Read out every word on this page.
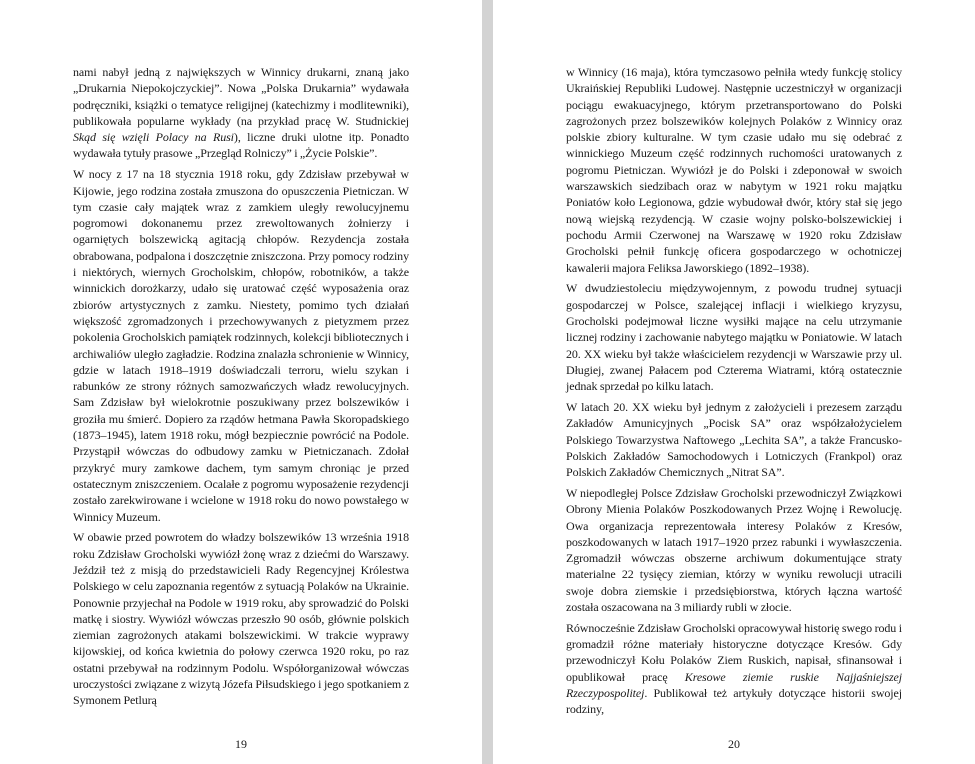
nami nabył jedną z największych w Winnicy drukarni, znaną jako „Drukarnia Niepokojczyckiej”. Nowa „Polska Drukarnia” wydawała podręczniki, książki o tematyce religijnej (katechizmy i modlitewniki), publikowała popularne wykłady (na przykład pracę W. Studnickiej Skąd się wzięli Polacy na Rusi), liczne druki ulotne itp. Ponadto wydawała tytuły prasowe „Przegląd Rolniczy” i „Życie Polskie”.

W nocy z 17 na 18 stycznia 1918 roku, gdy Zdzisław przebywał w Kijowie, jego rodzina została zmuszona do opuszczenia Pietniczan. W tym czasie cały majątek wraz z zamkiem uległy rewolucyjnemu pogromowi dokonanemu przez zrewoltowanych żołnierzy i ogarniętych bolszewicką agitacją chłopów. Rezydencja została obrabowana, podpalona i doszczętnie zniszczona. Przy pomocy rodziny i niektórych, wiernych Grocholskim, chłopów, robotników, a także winnickich dorożkarzy, udało się uratować część wyposażenia oraz zbiorów artystycznych z zamku. Niestety, pomimo tych działań większość zgromadzonych i przechowywanych z pietyzmem przez pokolenia Grocholskich pamiątek rodzinnych, kolekcji bibliotecznych i archiwaliów uległo zagładzie. Rodzina znalazła schronienie w Winnicy, gdzie w latach 1918–1919 doświadczali terroru, wielu szykan i rabunków ze strony różnych samozwańczych władz rewolucyjnych. Sam Zdzisław był wielokrotnie poszukiwany przez bolszewików i groziła mu śmierć. Dopiero za rządów hetmana Pawła Skoropadskiego (1873–1945), latem 1918 roku, mógł bezpiecznie powrócić na Podole. Przystąpił wówczas do odbudowy zamku w Pietniczanach. Zdołał przykryć mury zamkowe dachem, tym samym chroniąc je przed ostatecznym zniszczeniem. Ocalałe z pogromu wyposażenie rezydencji zostało zarekwirowane i wcielone w 1918 roku do nowo powstałego w Winnicy Muzeum.

W obawie przed powrotem do władzy bolszewików 13 września 1918 roku Zdzisław Grocholski wywiózł żonę wraz z dziećmi do Warszawy. Jeździł też z misją do przedstawicieli Rady Regencyjnej Królestwa Polskiego w celu zapoznania regentów z sytuacją Polaków na Ukrainie. Ponownie przyjechał na Podole w 1919 roku, aby sprowadzić do Polski matkę i siostry. Wywiózł wówczas przeszło 90 osób, głównie polskich ziemian zagrożonych atakami bolszewickimi. W trakcie wyprawy kijowskiej, od końca kwietnia do połowy czerwca 1920 roku, po raz ostatni przebywał na rodzinnym Podolu. Współorganizował wówczas uroczystości związane z wizytą Józefa Piłsudskiego i jego spotkaniem z Symonem Petlurą

19

w Winnicy (16 maja), która tymczasowo pełniła wtedy funkcję stolicy Ukraińskiej Republiki Ludowej. Następnie uczestniczył w organizacji pociągu ewakuacyjnego, którym przetransportowano do Polski zagrożonych przez bolszewików kolejnych Polaków z Winnicy oraz polskie zbiory kulturalne. W tym czasie udało mu się odebrać z winnickiego Muzeum część rodzinnych ruchomości uratowanych z pogromu Pietniczan. Wywiózł je do Polski i zdeponował w swoich warszawskich siedzibach oraz w nabytym w 1921 roku majątku Poniatów koło Legionowa, gdzie wybudował dwór, który stał się jego nową wiejską rezydencją. W czasie wojny polsko-bolszewickiej i pochodu Armii Czerwonej na Warszawę w 1920 roku Zdzisław Grocholski pełnił funkcję oficera gospodarczego w ochotniczej kawalerii majora Feliksa Jaworskiego (1892–1938).

W dwudziestoleciu międzywojennym, z powodu trudnej sytuacji gospodarczej w Polsce, szalejącej inflacji i wielkiego kryzysu, Grocholski podejmował liczne wysiłki mające na celu utrzymanie licznej rodziny i zachowanie nabytego majątku w Poniatowie. W latach 20. XX wieku był także właścicielem rezydencji w Warszawie przy ul. Długiej, zwanej Pałacem pod Czterema Wiatrami, którą ostatecznie jednak sprzedał po kilku latach.

W latach 20. XX wieku był jednym z założycieli i prezesem zarządu Zakładów Amunicyjnych „Pocisk SA” oraz współzałożycielem Polskiego Towarzystwa Naftowego „Lechita SA”, a także Francusko-Polskich Zakładów Samochodowych i Lotniczych (Frankpol) oraz Polskich Zakładów Chemicznych „Nitrat SA”.

W niepodległej Polsce Zdzisław Grocholski przewodniczył Związkowi Obrony Mienia Polaków Poszkodowanych Przez Wojnę i Rewolucję. Owa organizacja reprezentowała interesy Polaków z Kresów, poszkodowanych w latach 1917–1920 przez rabunki i wywłaszczenia. Zgromadził wówczas obszerne archiwum dokumentujące straty materialne 22 tysięcy ziemian, którzy w wyniku rewolucji utracili swoje dobra ziemskie i przedsiębiorstwa, których łączna wartość została oszacowana na 3 miliardy rubli w złocie.

Równocześnie Zdzisław Grocholski opracowywał historię swego rodu i gromadził różne materiały historyczne dotyczące Kresów. Gdy przewodniczył Kołu Polaków Ziem Ruskich, napisał, sfinansował i opublikował pracę Kresowe ziemie ruskie Najjaśniejszej Rzeczypospolitej. Publikował też artykuły dotyczące historii swojej rodziny,

20
